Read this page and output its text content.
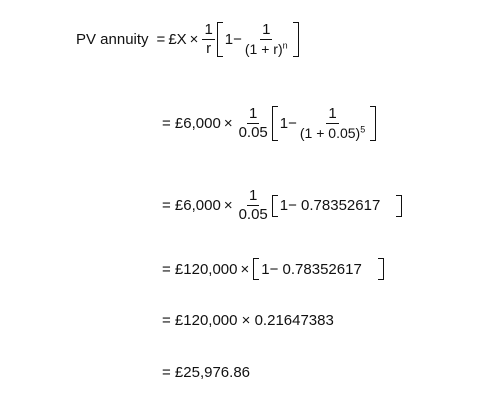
PV annuity = £X × $\frac{1}{r} 1- \frac{1}{(1 + r)^n}$
= £6,000 × $\frac{1}{0.05} 1- \frac{1}{(1 + 0.05)^5}$
= £6,000 × $\frac{1}{0.05} 1- 0.78352617$
= £120,000 × 1− 0.78352617
= £120,000 × 0.21647383
= £25,976.86
